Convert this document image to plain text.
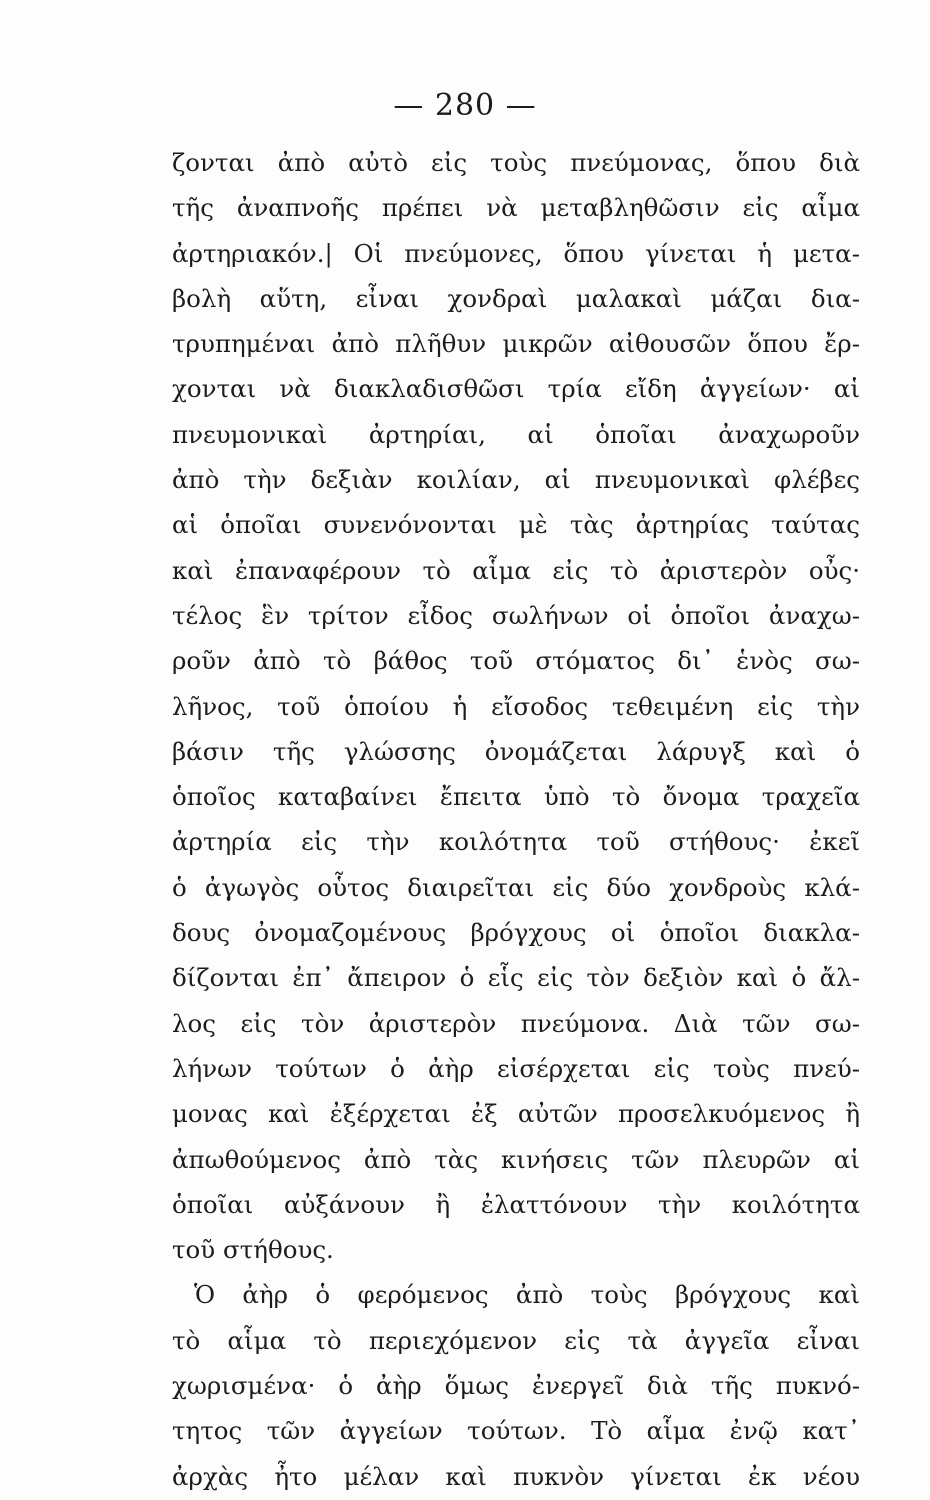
— 280 —
ζονται ἀπὸ αὐτὸ εἰς τοὺς πνεύμονας, ὅπου διὰ
τῆς ἀναπνοῆς πρέπει νὰ μεταβληθῶσιν εἰς αἷμα
ἀρτηριακόν.| Οἱ πνεύμονες, ὅπου γίνεται ἡ μετα-
βολὴ αὕτη, εἶναι χονδραὶ μαλακαὶ μάζαι δια-
τρυπημέναι ἀπὸ πλῆθυν μικρῶν αἰθουσῶν ὅπου ἔρ-
χονται νὰ διακλαδισθῶσι τρία εἴδη ἀγγείων· αἱ
πνευμονικαὶ ἀρτηρίαι, αἱ ὁποῖαι ἀναχωροῦν
ἀπὸ τὴν δεξιὰν κοιλίαν, αἱ πνευμονικαὶ φλέβες
αἱ ὁποῖαι συνενόνονται μὲ τὰς ἀρτηρίας ταύτας
καὶ ἐπαναφέρουν τὸ αἷμα εἰς τὸ ἀριστερὸν οὖς·
τέλος ἓν τρίτον εἶδος σωλήνων οἱ ὁποῖοι ἀναχω-
ροῦν ἀπὸ τὸ βάθος τοῦ στόματος δι᾽ ἑνὸς σω-
λῆνος, τοῦ ὁποίου ἡ εἴσοδος τεθειμένη εἰς τὴν
βάσιν τῆς γλώσσης ὀνομάζεται λάρυγξ καὶ ὁ
ὁποῖος καταβαίνει ἔπειτα ὑπὸ τὸ ὄνομα τραχεῖα
ἀρτηρία εἰς τὴν κοιλότητα τοῦ στήθους· ἐκεῖ
ὁ ἀγωγὸς οὗτος διαιρεῖται εἰς δύο χονδροὺς κλά-
δους ὀνομαζομένους βρόγχους οἱ ὁποῖοι διακλα-
δίζονται ἐπ᾽ ἄπειρον ὁ εἷς εἰς τὸν δεξιὸν καὶ ὁ ἄλ-
λος εἰς τὸν ἀριστερὸν πνεύμονα. Διὰ τῶν σω-
λήνων τούτων ὁ ἀὴρ εἰσέρχεται εἰς τοὺς πνεύ-
μονας καὶ ἐξέρχεται ἐξ αὐτῶν προσελκυόμενος ἢ
ἀπωθούμενος ἀπὸ τὰς κινήσεις τῶν πλευρῶν αἱ
ὁποῖαι αὐξάνουν ἢ ἐλαττόνουν τὴν κοιλότητα
τοῦ στήθους.
Ὁ ἀὴρ ὁ φερόμενος ἀπὸ τοὺς βρόγχους καὶ
τὸ αἷμα τὸ περιεχόμενον εἰς τὰ ἀγγεῖα εἶναι
χωρισμένα· ὁ ἀὴρ ὅμως ἐνεργεῖ διὰ τῆς πυκνό-
τητος τῶν ἀγγείων τούτων. Τὸ αἷμα ἐνῷ κατ᾽
ἀρχὰς ἦτο μέλαν καὶ πυκνὸν γίνεται ἐκ νέου
